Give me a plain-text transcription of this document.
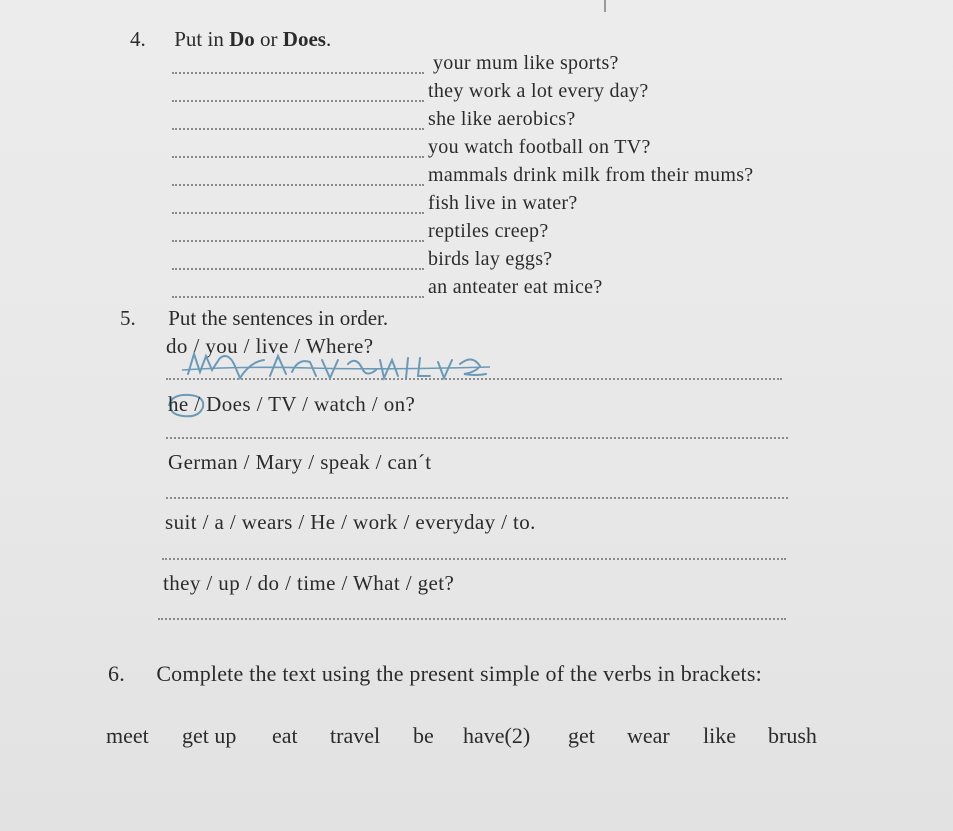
4. Put in Do or Does.
your mum like sports?
they work a lot every day?
she like aerobics?
you watch football on TV?
mammals drink milk from their mums?
fish live in water?
reptiles creep?
birds lay eggs?
an anteater eat mice?
5. Put the sentences in order.
do / you / live / Where?
he / Does / TV / watch / on?
German / Mary / speak / can´t
suit / a / wears / He / work / everyday / to.
they / up / do / time / What / get?
6. Complete the text using the present simple of the verbs in brackets:
meet get up eat travel be have(2) get wear like brush
